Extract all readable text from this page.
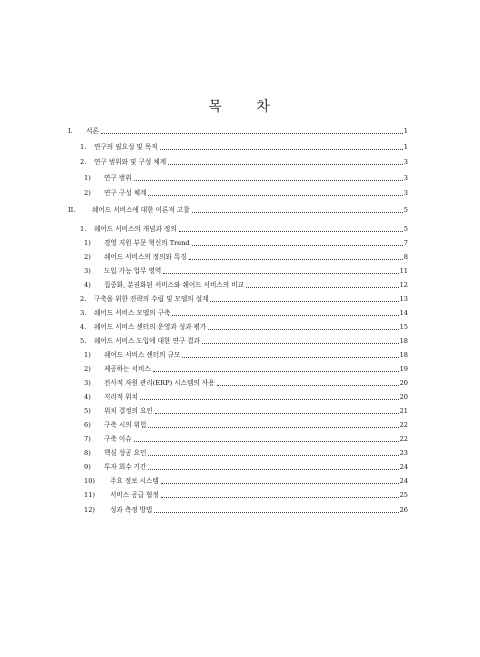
목 차
I. 서론	1
1. 연구의 필요성 및 목적	1
2. 연구 범위와 및 구성 체계	3
1) 연구 범위	3
2) 연구 구성 체계	3
II.	쉐어드 서비스에 대한 이론적 고찰	5
1. 쉐어드 서비스의 개념과 정의	5
1) 경영 지원 부문 혁신의 Trend	7
2) 쉐어드 서비스의 정의와 특징	8
3) 도입 가능 업무 영역	11
4) 집중화, 분권화된 서비스와 쉐어드 서비스의 비교	12
2. 구축을 위한 전략의 수립 및 모델의 설계	13
3. 쉐어드 서비스 모델의 구축	14
4. 쉐어드 서비스 센터의 운영과 성과 평가	15
5. 쉐어드 서비스 도입에 대한 연구 결과	18
1) 쉐어드 서비스 센터의 규모	18
2) 제공하는 서비스	19
3) 전사적 자원 관리(ERP) 시스템의 사용	20
4) 지리적 위치	20
5) 위치 결정의 요인	21
6) 구축 시의 위험	22
7) 구축 이슈	22
8) 핵심 성공 요인	23
9) 투자 회수 기간	24
10) 주요 정보 시스템	24
11) 서비스 공급 협정	25
12) 성과 측정 방법	26
